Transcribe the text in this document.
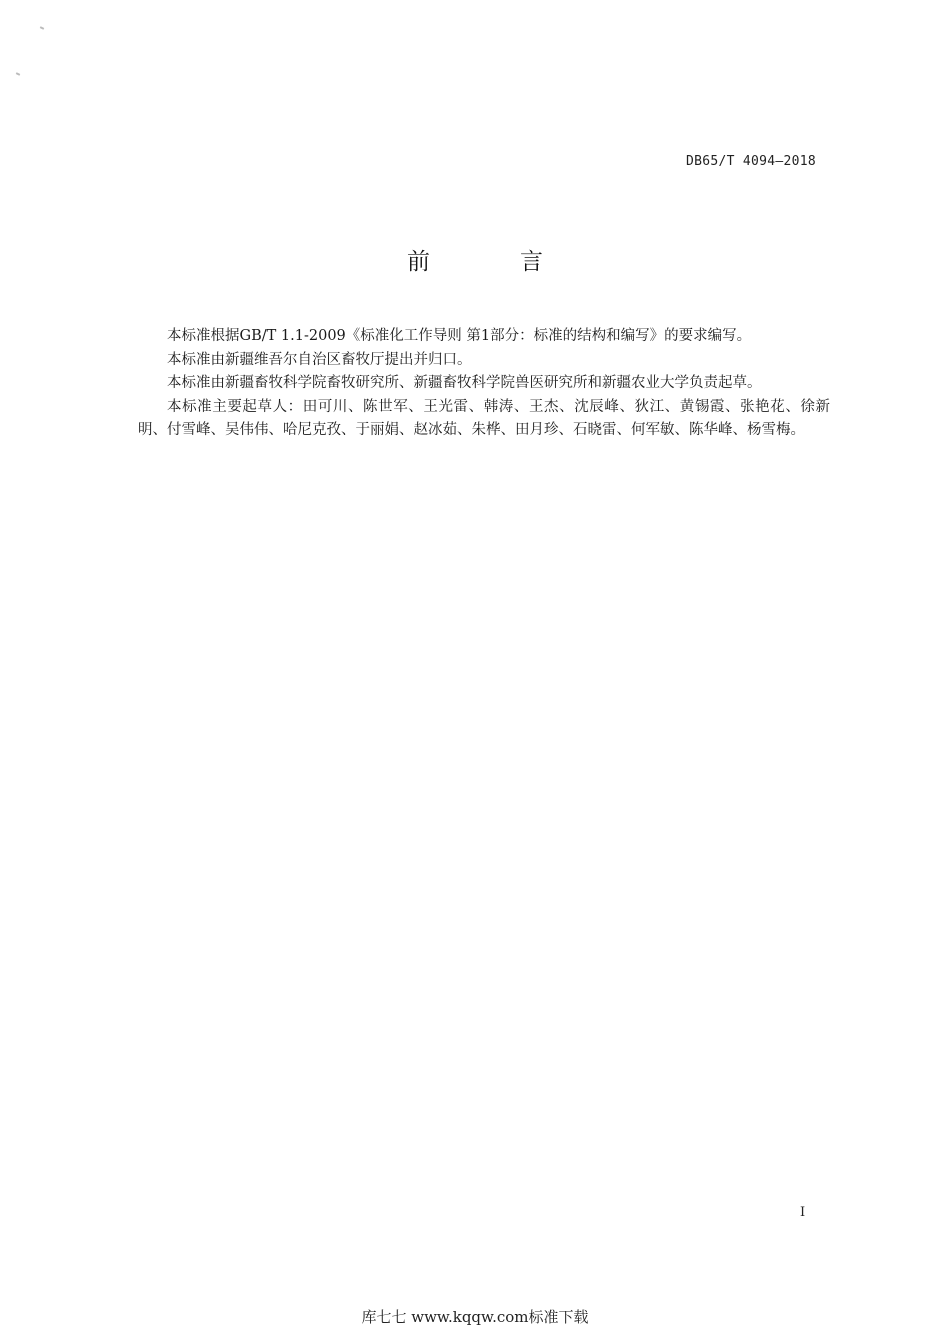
DB65/T 4094—2018
前言

本标准根据GB/T 1.1-2009《标准化工作导则 第1部分：标准的结构和编写》的要求编写。

本标准由新疆维吾尔自治区畜牧厅提出并归口。

本标准由新疆畜牧科学院畜牧研究所、新疆畜牧科学院兽医研究所和新疆农业大学负责起草。

本标准主要起草人：田可川、陈世军、王光雷、韩涛、王杰、沈辰峰、狄江、黄锡霞、张艳花、徐新明、付雪峰、吴伟伟、哈尼克孜、于丽娟、赵冰茹、朱桦、田月珍、石晓雷、何军敏、陈华峰、杨雪梅。

I
库七七 www.kqqw.com标准下载
